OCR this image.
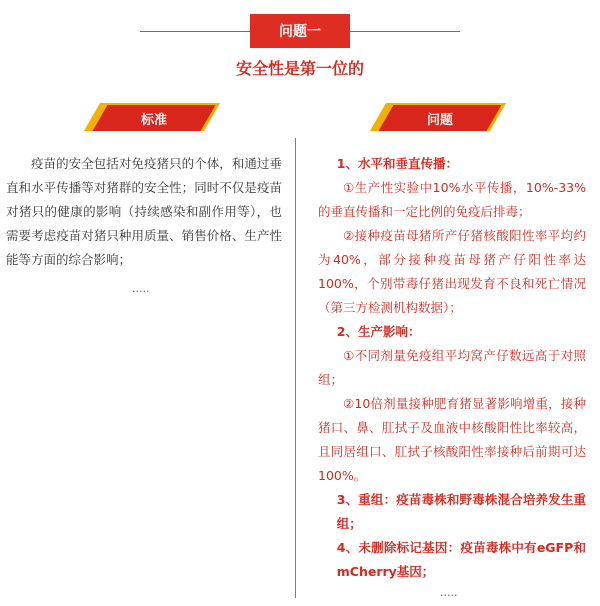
问题一
安全性是第一位的
标准	问题
疫苗的安全包括对免疫猪只的个体，和通过垂直和水平传播等对猪群的安全性；同时不仅是疫苗对猪只的健康的影响（持续感染和副作用等），也需要考虑疫苗对猪只种用质量、销售价格、生产性能等方面的综合影响；
.....

1、水平和垂直传播：

①生产性实验中10%水平传播，10%-33%的垂直传播和一定比例的免疫后排毒；

②接种疫苗母猪所产仔猪核酸阳性率平均约为40%，部分接种疫苗母猪产仔阳性率达100%，个别带毒仔猪出现发育不良和死亡情况（第三方检测机构数据）；

2、生产影响：

①不同剂量免疫组平均窝产仔数远高于对照组；

②10倍剂量接种肥育猪显著影响增重，接种猪口、鼻、肛拭子及血液中核酸阳性比率较高，且同居组口、肛拭子核酸阳性率接种后前期可达100%。

3、重组：疫苗毒株和野毒株混合培养发生重组；

4、未删除标记基因：疫苗毒株中有eGFP和mCherry基因；

.....
